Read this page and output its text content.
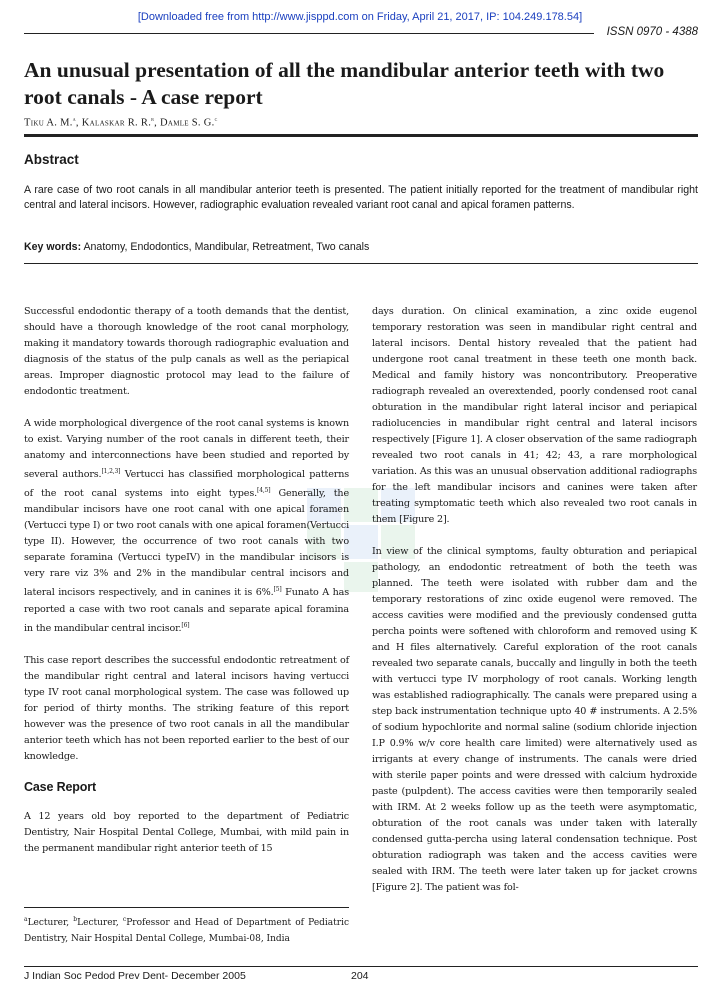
[Downloaded free from http://www.jisppd.com on Friday, April 21, 2017, IP: 104.249.178.54]
ISSN 0970 - 4388
An unusual presentation of all the mandibular anterior teeth with two root canals - A case report
Tiku A. M.$^a$, Kalaskar R. R.$^b$, Damle S. G.$^c$
Abstract

A rare case of two root canals in all mandibular anterior teeth is presented. The patient initially reported for the treatment of mandibular right central and lateral incisors. However, radiographic evaluation revealed variant root canal and apical foramen patterns.

Key words: Anatomy, Endodontics, Mandibular, Retreatment, Two canals

Successful endodontic therapy of a tooth demands that the dentist, should have a thorough knowledge of the root canal morphology, making it mandatory towards thorough radiographic evaluation and diagnosis of the status of the pulp canals as well as the periapical areas. Improper diagnostic protocol may lead to the failure of endodontic treatment.

A wide morphological divergence of the root canal systems is known to exist. Varying number of the root canals in different teeth, their anatomy and interconnections have been studied and reported by several authors.[1,2,3] Vertucci has classified morphological patterns of the root canal systems into eight types.[4,5] Generally, the mandibular incisors have one root canal with one apical foramen (Vertucci type I) or two root canals with one apical foramen(Vertucci type II). However, the occurrence of two root canals with two separate foramina (Vertucci typeIV) in the mandibular incisors is very rare viz 3% and 2% in the mandibular central incisors and lateral incisors respectively, and in canines it is 6%.[5] Funato A has reported a case with two root canals and separate apical foramina in the mandibular central incisor.[6]

This case report describes the successful endodontic retreatment of the mandibular right central and lateral incisors having vertucci type IV root canal morphological system. The case was followed up for period of thirty months. The striking feature of this report however was the presence of two root canals in all the mandibular anterior teeth which has not been reported earlier to the best of our knowledge.

Case Report

A 12 years old boy reported to the department of Pediatric Dentistry, Nair Hospital Dental College, Mumbai, with mild pain in the permanent mandibular right anterior teeth of 15

days duration. On clinical examination, a zinc oxide eugenol temporary restoration was seen in mandibular right central and lateral incisors. Dental history revealed that the patient had undergone root canal treatment in these teeth one month back. Medical and family history was noncontributory. Preoperative radiograph revealed an overextended, poorly condensed root canal obturation in the mandibular right lateral incisor and periapical radiolucencies in mandibular right central and lateral incisors respectively [Figure 1]. A closer observation of the same radiograph revealed two root canals in 41; 42; 43, a rare morphological variation. As this was an unusual observation additional radiographs for the left mandibular incisors and canines were taken after treating symptomatic teeth which also revealed two root canals in them [Figure 2].

In view of the clinical symptoms, faulty obturation and periapical pathology, an endodontic retreatment of both the teeth was planned. The teeth were isolated with rubber dam and the temporary restorations of zinc oxide eugenol were removed. The access cavities were modified and the previously condensed gutta percha points were softened with chloroform and removed using K and H files alternatively. Careful exploration of the root canals revealed two separate canals, buccally and lingully in both the teeth with vertucci type IV morphology of root canals. Working length was established radiographically. The canals were prepared using a step back instrumentation technique upto 40 # instruments. A 2.5% of sodium hypochlorite and normal saline (sodium chloride injection I.P 0.9% w/v core health care limited) were alternatively used as irrigants at every change of instruments. The canals were dried with sterile paper points and were dressed with calcium hydroxide paste (pulpdent). The access cavities were then temporarily sealed with IRM. At 2 weeks follow up as the teeth were asymptomatic, obturation of the root canals was under taken with laterally condensed gutta-percha using lateral condensation technique. Post obturation radiograph was taken and the access cavities were sealed with IRM. The teeth were later taken up for jacket crowns [Figure 2]. The patient was fol-

$^a$Lecturer, $^b$Lecturer, $^c$Professor and Head of Department of Pediatric Dentistry, Nair Hospital Dental College, Mumbai-08, India

J Indian Soc Pedod Prev Dent- December 2005	204
